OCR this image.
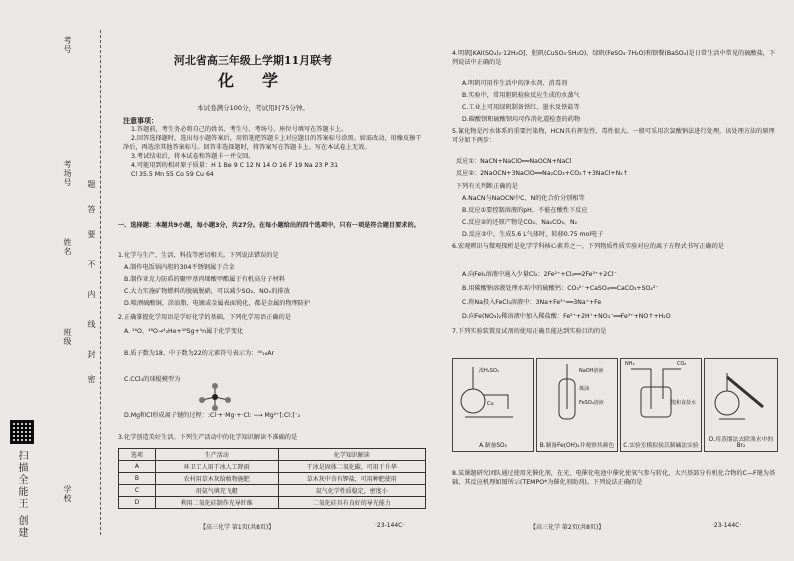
考号
考场号
姓名
班级
学校
不
内
线
封
密
要
答
题
扫描全能王 创建
河北省高三年级上学期11月联考
化学
本试卷满分100分，考试用时75分钟。
注意事项：
1.答题前，考生务必将自己的姓名、考生号、考场号、座位号填写在答题卡上。
2.回答选择题时，选出每小题答案后，用铅笔把答题卡上对应题目的答案标号涂黑。如需改动，用橡皮擦干净后，再选涂其他答案标号。回答非选择题时，将答案写在答题卡上。写在本试卷上无效。
3.考试结束后，将本试卷和答题卡一并交回。
4.可能用到的相对原子质量：H 1 Be 9 C 12 N 14 O 16 F 19 Na 23 P 31
Cl 35.5 Mn 55 Co 59 Cu 64
一、选择题：本题共9小题，每小题3分，共27分。在每小题给出的四个选项中，只有一项是符合题目要求的。
1.化学与生产、生活、科技等密切相关。下列说法错误的是
A.制作电饭锅内胆的304不锈钢属于合金
B.制作亚克力防盾的聚甲基丙烯酸甲酯属于有机高分子材料
C.大力实施矿物燃料的脱硫脱硝，可以减少SO₂、NOₓ的排放
D.喷洒硫酸铜、涂油脂、电镀或金属表面钝化，都是金属的物理防护
2.正确掌握化学用语是学好化学的基础，下列化学用语正确的是
A. ¹⁶O、¹⁸O→⁴₂He+¹⁸Sg+¹n属于化学变化
B.质子数为18、中子数为22的元素符号表示为：⁴⁰₁₈Ar
C.CCl₄的球棍模型为
D.Mg和Cl形成离子键的过程：:Cl·+·Mg·+·Cl: ⟶ Mg²⁺[:Cl:]⁻₂
3.化学创造美好生活。下列生产活动中的化学知识解读不准确的是
选项	生产活动	化学知识解读
A	环卫工人用干冰人工降雨	干冰是固体二氧化碳，可用于升华
B	农村用草木灰给植物施肥	草木灰中含有钾盐，可用种肥使用
C	用氨气填充飞艇	氦气化学性质稳定，密度小
D	利用二氧化硅制作光导纤维	二氧化硅具有良好的导光能力
【高三化学 第1页(共8页)】	·23-144C·
4.明矾[KAl(SO₄)₂·12H₂O]、胆矾(CuSO₄·5H₂O)、绿矾(FeSO₄·7H₂O)和钡餐(BaSO₄)是日常生活中常见的硫酸盐，下列说法中正确的是
A.明矾可用作生活中的净水剂、消毒剂
B.实验中，常用胆矾检验反应生成的水蒸气
C.工业上可用绿矾制备铁红、墨水及铁盐等
D.碳酸钡和硫酸钡均可作消化道检查的药物
5.氰化物是污水体系的重要污染物，HCN具有挥发性、毒性很大。一般可采用次氯酸钠法进行处理，该处理方法的原理可分如下两步：
反应①：NaCN+NaClO══NaOCN+NaCl
反应②：2NaOCN+3NaClO══Na₂CO₃+CO₂↑+3NaCl+N₂↑
下列有关判断正确的是
A.NaCN与NaOCN中C、N的化合价分别相等
B.反应①要控制溶液的pH，不能在酸性下反应
C.反应②的还原产物是CO₂、Na₂CO₃、N₂
D.反应②中，生成5.6 L气体时，转移0.75 mol电子
6.宏观辨识与微观探析是化学学科核心素养之一。下列物质性质实验对应的离子方程式书写正确的是
A.向FeI₂溶液中通入少量Cl₂：2Fe²⁺+Cl₂══2Fe³⁺+2Cl⁻
B.用碳酸钠溶液处理水垢中的硫酸钙：CO₃²⁻+CaSO₄══CaCO₃+SO₄²⁻
C.将Na投入FeCl₃溶液中：3Na+Fe³⁺══3Na⁺+Fe
D.向Fe(NO₃)₂稀溶液中加入稀盐酸：Fe²⁺+2H⁺+NO₃⁻══Fe³⁺+NO↑+H₂O
7.下列实验装置及试剂的使用正确且能达到实验目的的是
浓H₂SO₄
Cu
A.制备SO₂
NaOH溶液
煤油
FeSO₄溶液
B.制备Fe(OH)₂并观察其颜色
NH₃	CO₂
饱和食盐水
C.实验室模拟侯氏制碱法实验
D.用蒸馏法去除溴水中的Br₂
8.某课题研究团队通过使用光催化剂，在光、电催化电池中催化使氧气参与转化，大兴基部分有机化合物的C—F键为基础，其反应机理如图所示(TEMPO*为催化剂助剂)。下列说法正确的是
【高三化学 第2页(共8页)】	·23-144C·
